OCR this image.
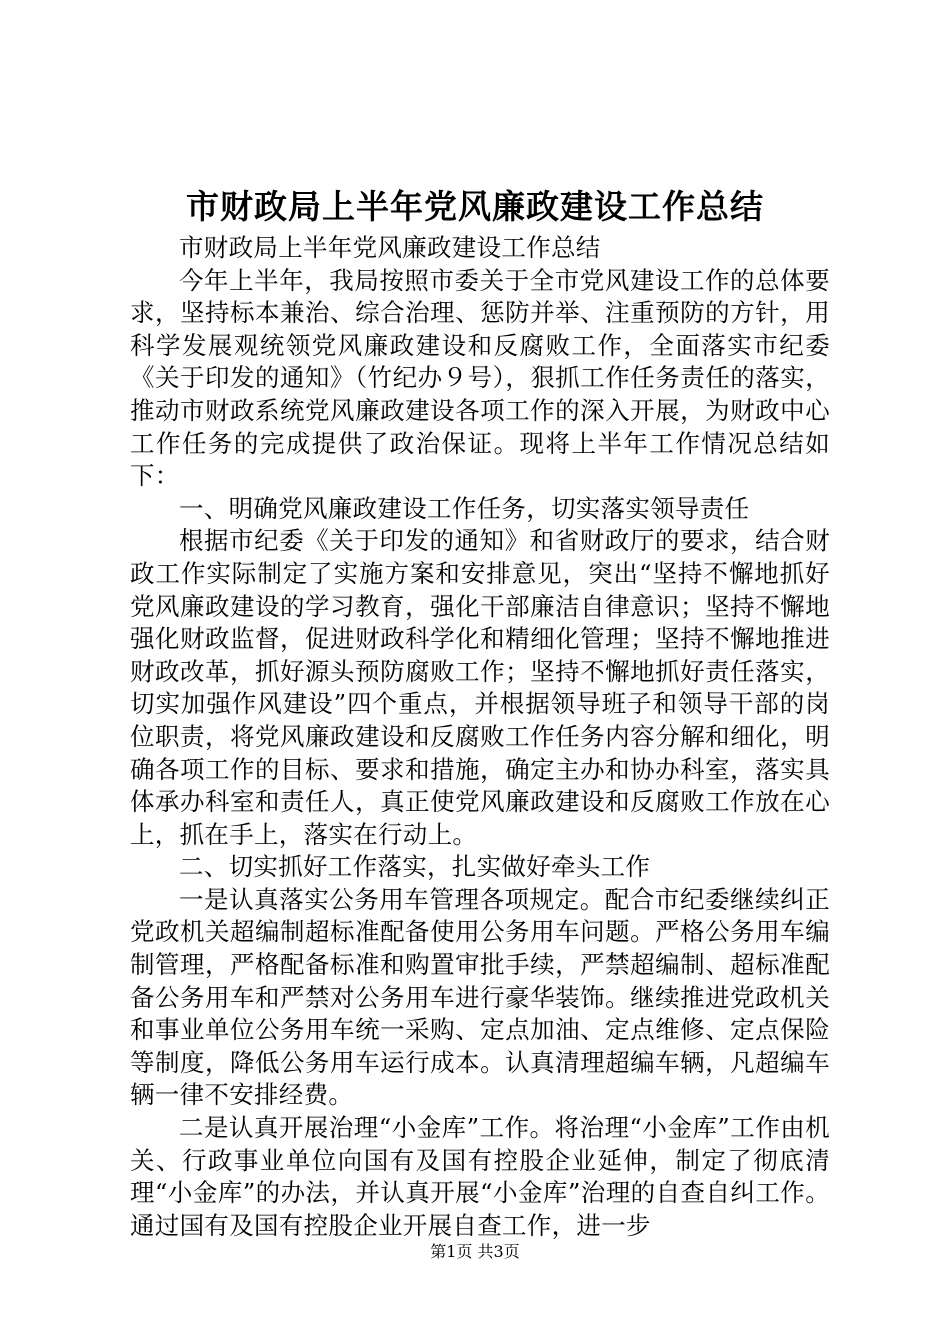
市财政局上半年党风廉政建设工作总结

市财政局上半年党风廉政建设工作总结

今年上半年，我局按照市委关于全市党风建设工作的总体要求，坚持标本兼治、综合治理、惩防并举、注重预防的方针，用科学发展观统领党风廉政建设和反腐败工作，全面落实市纪委《关于印发的通知》（竹纪办９号），狠抓工作任务责任的落实，推动市财政系统党风廉政建设各项工作的深入开展，为财政中心工作任务的完成提供了政治保证。现将上半年工作情况总结如下：

一、明确党风廉政建设工作任务，切实落实领导责任

根据市纪委《关于印发的通知》和省财政厅的要求，结合财政工作实际制定了实施方案和安排意见，突出“坚持不懈地抓好党风廉政建设的学习教育，强化干部廉洁自律意识；坚持不懈地强化财政监督，促进财政科学化和精细化管理；坚持不懈地推进财政改革，抓好源头预防腐败工作；坚持不懈地抓好责任落实，切实加强作风建设”四个重点，并根据领导班子和领导干部的岗位职责，将党风廉政建设和反腐败工作任务内容分解和细化，明确各项工作的目标、要求和措施，确定主办和协办科室，落实具体承办科室和责任人，真正使党风廉政建设和反腐败工作放在心上，抓在手上，落实在行动上。

二、切实抓好工作落实，扎实做好牵头工作

一是认真落实公务用车管理各项规定。配合市纪委继续纠正党政机关超编制超标准配备使用公务用车问题。严格公务用车编制管理，严格配备标准和购置审批手续，严禁超编制、超标准配备公务用车和严禁对公务用车进行豪华装饰。继续推进党政机关和事业单位公务用车统一采购、定点加油、定点维修、定点保险等制度，降低公务用车运行成本。认真清理超编车辆，凡超编车辆一律不安排经费。

二是认真开展治理“小金库”工作。将治理“小金库”工作由机关、行政事业单位向国有及国有控股企业延伸，制定了彻底清理“小金库”的办法，并认真开展“小金库”治理的自查自纠工作。通过国有及国有控股企业开展自查工作，进一步

第1页 共3页
